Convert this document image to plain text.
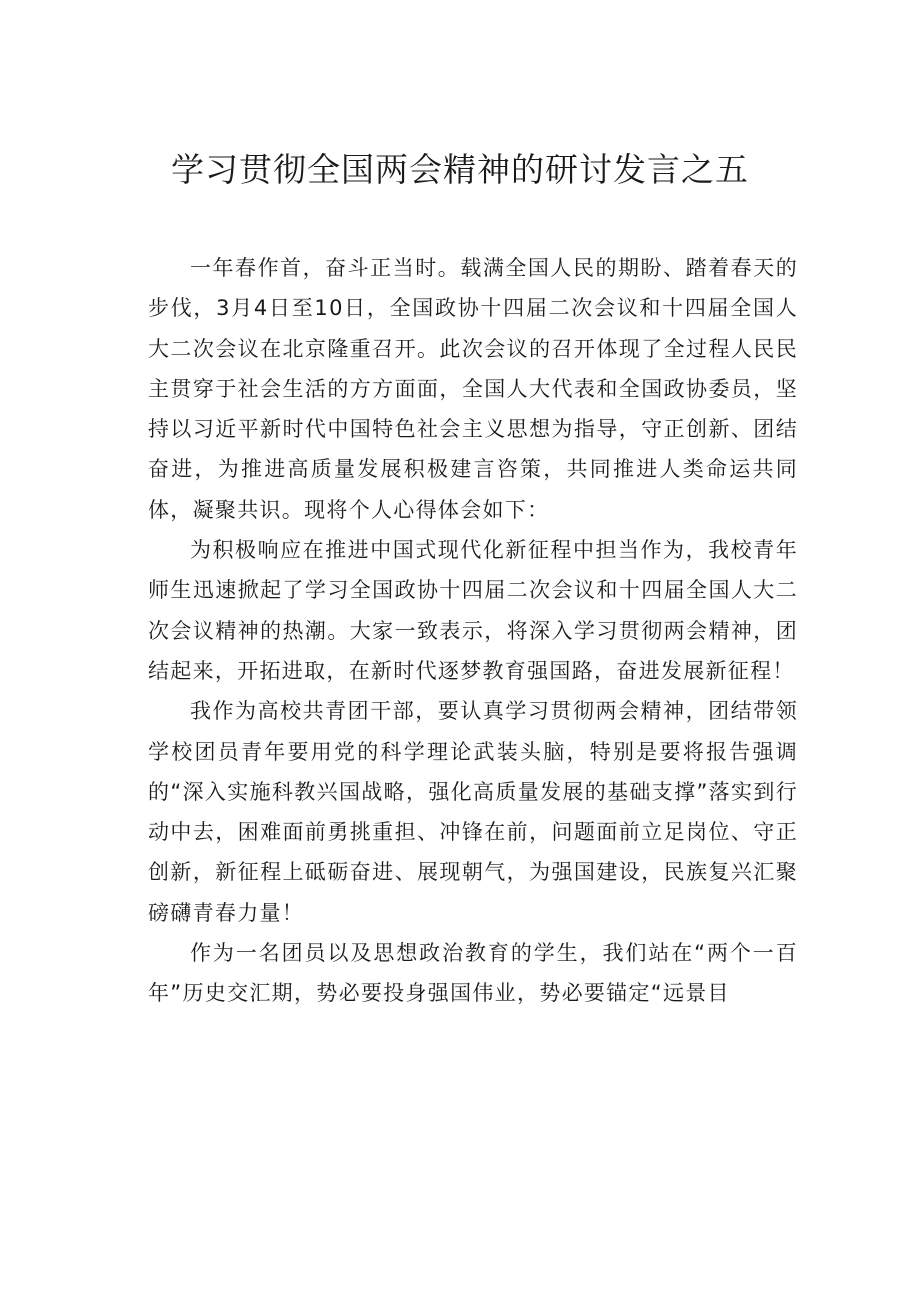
学习贯彻全国两会精神的研讨发言之五

一年春作首，奋斗正当时。载满全国人民的期盼、踏着春天的步伐，3月4日至10日，全国政协十四届二次会议和十四届全国人大二次会议在北京隆重召开。此次会议的召开体现了全过程人民民主贯穿于社会生活的方方面面，全国人大代表和全国政协委员，坚持以习近平新时代中国特色社会主义思想为指导，守正创新、团结奋进，为推进高质量发展积极建言咨策，共同推进人类命运共同体，凝聚共识。现将个人心得体会如下：

为积极响应在推进中国式现代化新征程中担当作为，我校青年师生迅速掀起了学习全国政协十四届二次会议和十四届全国人大二次会议精神的热潮。大家一致表示，将深入学习贯彻两会精神，团结起来，开拓进取，在新时代逐梦教育强国路，奋进发展新征程！

我作为高校共青团干部，要认真学习贯彻两会精神，团结带领学校团员青年要用党的科学理论武装头脑，特别是要将报告强调的“深入实施科教兴国战略，强化高质量发展的基础支撑”落实到行动中去，困难面前勇挑重担、冲锋在前，问题面前立足岗位、守正创新，新征程上砥砺奋进、展现朝气，为强国建设，民族复兴汇聚磅礴青春力量！

作为一名团员以及思想政治教育的学生，我们站在“两个一百年”历史交汇期，势必要投身强国伟业，势必要锚定“远景目
